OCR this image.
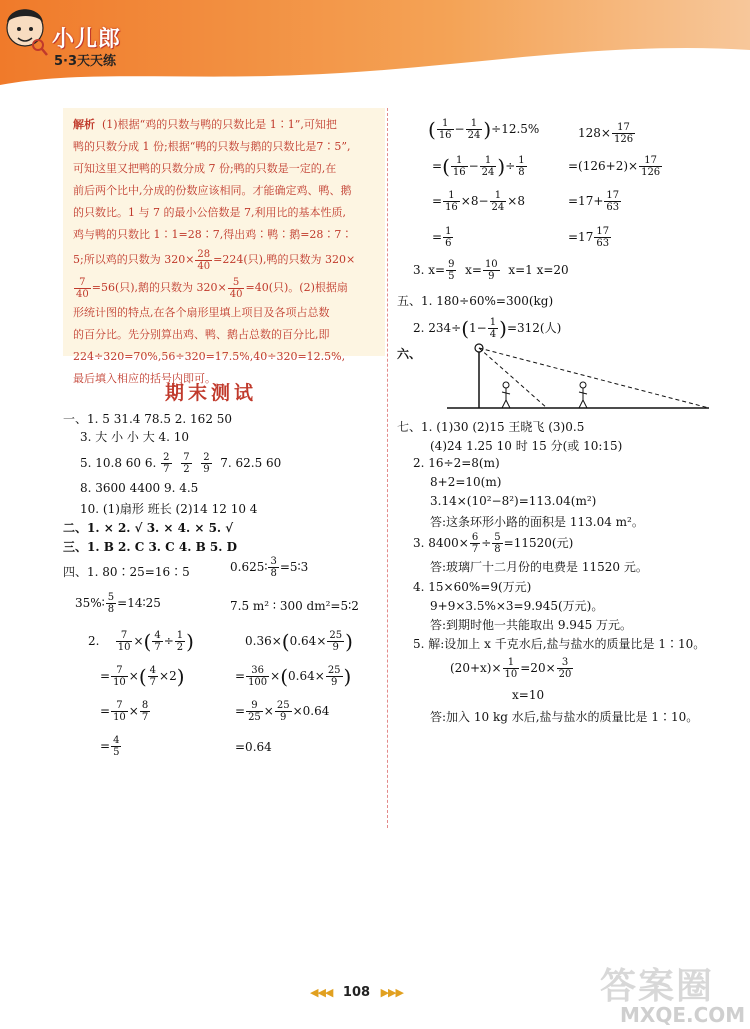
小儿郎
5·3天天练
解析 (1)根据“鸡的只数与鸭的只数比是 1∶1”,可知把
鸭的只数分成 1 份;根据“鸭的只数与鹅的只数比是7∶5”,
可知这里又把鸭的只数分成 7 份;鸭的只数是一定的,在
前后两个比中,分成的份数应该相同。才能确定鸡、鸭、鹅
的只数比。1 与 7 的最小公倍数是 7,利用比的基本性质,
鸡与鸭的只数比 1∶1=28∶7,得出鸡∶鸭∶鹅=28∶7∶
5;所以鸡的只数为 $320\times \frac{28}{40} =224$(只),鸭的只数为 320×
$\frac{7}{40} =56$(只),鹅的只数为 $320\times \frac{5}{40} =40$(只)。(2)根据扇
形统计图的特点,在各个扇形里填上项目及各项占总数
的百分比。先分别算出鸡、鸭、鹅占总数的百分比,即
224÷320=70%,56÷320=17.5%,40÷320=12.5%,
最后填入相应的括号内即可。
期末测试
一、1. 5 31.4 78.5 2. 162 50
3. 大 小 小 大 4. 10
5. 10.8 60 6. $\frac{2}{7}$
$\frac{7}{2}$
$\frac{2}{9} 7$. 62.5 60
8. 3600 4400 9. 4.5
10. (1)扇形 班长 (2)14 12 10 4
二、1. × 2. √ 3. × 4. × 5. √
三、1. B 2. C 3. C 4. B 5. D
四、1. 80∶25=16∶5	0.625∶ $\frac{3}{8}$ =5∶3
35%∶ $\frac{5}{8}$ =14∶25	7.5 m² ∶ 300 dm²=5∶2
2. $\frac{7}{10}$ ×( $\frac{4}{7} \div \frac{1}{2}$ )
= $\frac{7}{10}$ ×( $\frac{4}{7} \times 2$)
= $\frac{7}{10} \times \frac{8}{7}$
= $\frac{4}{5}$
$0.36\times(0.64\times \frac{25}{9}$ )
= $\frac{36}{100} \times(0.64\times \frac{25}{9}$ )
= $\frac{9}{25} \times \frac{25}{9} \times 0.64$
=0.64
( $\frac{1}{16} - \frac{1}{24} )\div 12.5\%$	$128\times \frac{17}{126}$
=( $\frac{1}{16} - \frac{1}{24}$ )÷ $\frac{1}{8}$	$=(126+2)\times \frac{17}{126}$
= $\frac{1}{16} \times 8- \frac{1}{24} \times 8$	$=17+ \frac{17}{63}$
= $\frac{1}{6}$	$=17 \frac{17}{63}$
3. $x= \frac{9}{5} x= \frac{10}{9} x=1$ x=20
五、1. 180÷60%=300(kg)
2. $234\div(1- \frac{1}{4} )=312$(人)
六、
七、1. (1)30 (2)15 王晓飞 (3)0.5
(4)24 1.25 10 时 15 分(或 10:15)
2. 16÷2=8(m)
8+2=10(m)
3.14×(10²−8²)=113.04(m²)
答:这条环形小路的面积是 113.04 m²。
3. $8400\times \frac{6}{7} \div \frac{5}{8} =11520$(元)
答:玻璃厂十二月份的电费是 11520 元。
4. 15×60%=9(万元)
9+9×3.5%×3=9.945(万元)。
答:到期时他一共能取出 9.945 万元。
5. 解:设加上 x 千克水后,盐与盐水的质量比是 1∶10。
$(20+x)\times \frac{1}{10} =20\times \frac{3}{20}$
x=10
答:加入 10 kg 水后,盐与盐水的质量比是 1∶10。
◀◀◀ 108 ▶▶▶	答案圈
MXQE.COM
